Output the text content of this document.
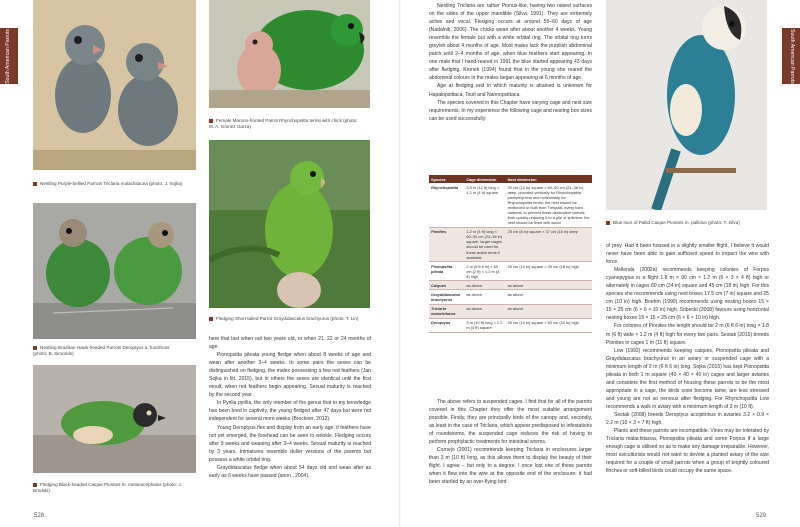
South American Parrots
Nestling Purple-bellied Parrots Triclaria malachitacea (photo: J. Sojka)
Female Maroon-fronted Parrot Rhynchopsitta terrisi with chick (photo: M. A. Gómez Garza)
Nestling Brazilian Hawk-headed Parrots Deroptyus a. fuscifrons (photo: B. Simonds)
Fledging Short-tailed Parrot Graydidascalus brachyurus (photo: T. Lin)
Fledging Black-headed Caique Pionites m. melanocephalus (photo: J. Brodski)

here that last when out two years old, or when 21, 22 or 24 months of age.

Pionopsitta pileata young fledge when about 8 weeks of age and wean after another 3–4 weeks. In some pairs the sexes can be distinguished on fledging, the males possessing a few red feathers (Jan Sojka in litt. 2015), but in others the sexes are identical until the first moult, when red feathers begin appearing. Sexual maturity is reached by the second year.

In Pyrilia pyrilia, the only member of the genus that to my knowledge has been bred in captivity, the young fledged after 47 days but were not independent for several more weeks (Brockner, 2012).

Young Deroptyus flex and display from an early age; if feathers have not yet emerged, the forehead can be seen to wrinkle. Fledging occurs after 9 weeks and weaning after 3–4 weeks. Sexual maturity is reached by 3 years. Immatures resemble duller versions of the parents but possess a white orbital ring.

Graydidascalus fledge when about 54 days old and wean after as early as 6 weeks have passed (anon., 2004).

528
South American Parrots

Nestling Triclaria are rather Pionus-like, having two raised surfaces on the sides of the upper mandible (Silva, 1991). They are extremely active and vocal. Fledging occurs at around 55–60 days of age (Nadalnik, 2006). The chicks wean after about another 4 weeks. Young resemble the female but with a white orbital ring. The orbital ring turns greyish about 4 months of age. Most males lack the purplish abdominal patch until 2–4 months of age, when blue feathers start appearing. In one male that I hand-reared in 1991 the blue started appearing 43 days after fledging. Kronek (1994) found that in the young she reared the abdominal colours in the males began appearing at 6 months of age.

Age at fledging and in which maturity is attained is unknown for Hapalopsittaca, Touit and Nannopsittaca.

The species covered in this Chapter have varying cage and nest size requirements. In my experience the following cage and nesting box sizes can be used successfully:

Species	Cage dimension	Nest dimension
Rhynchopsitta	3.5 m (12 ft) long × 1.2 m (4 ft) square	30 cm (12 in) square × 60–90 cm (24–36 in) deep, provided vertically for Rhynchopsitta pachyrhyncha and horizontally for Rhynchopsitta terrisi; the nest should be reinforced or built from Tréspalit, every hard material, to prevent these destructive parrots from quickly reducing it to a pile of splinters; the nest should be lined with wood
Pionites	1.2 m (4 ft) long × 60–90 cm (24–36 in) square; larger cages should be used for these active birds if available	25 cm (8 in) square × 37 cm (15 in) deep
Pionopsitta pileata	2 m (6 ft 6 in) × 60 cm (2 ft) × 1.2 m (4 ft) high	25 cm (10 in) square × 45 cm (18 in) high
Caiques	as above	as above
Graydidascalus brachyurus	as above	as above
Triclaria malachitacea	as above	as above
Deroptyus	3 m (10 ft) long × 1.2 m (4 ft) square	25 cm (10 in) square × 60 cm (24 in) high

The above refers to suspended cages. I find that for all of the parrots covered in this Chapter they offer the most suitable arrangement possible. Firstly, they are principally birds of the canopy and, secondly, as least in the case of Triclaria, which appear predisposed to infestations of roundworms, the suspended cage reduces the risk of having to perform prophylactic treatments for intestinal worms.

Cornejo (2001) recommends keeping Triclaria in enclosures larger than 3 m (10 ft) long, as this allows them to display the beauty of their flight. I agree – but only to a degree. I once lost one of these parrots when it flew into the wire at the opposite end of the enclosure; it had been startled by an over-flying bird

Blue race of Pallid Caique Pionites m. pallidus (photo: T. Silva)

of prey. Had it been housed in a slightly smaller flight, I believe it would never have been able to gain sufficient speed to impact the wire with force.

Mellenda (2002a) recommends keeping colonies of Forpus cyanopygius in a flight 1.8 m × 90 cm × 1.2 m (6 × 3 × 4 ft) high or alternately in cages 60 cm (24 in) square and 45 cm (18 in) high. For this species she recommends using nest boxes 17.5 cm (7 in) square and 25 cm (10 in) high. Boehm (1990) recommends using nesting boxes 15 × 15 × 25 cm (6 × 6 × 10 in) high. Sobecki (2008) favours using horizontal nesting boxes 15 × 15 × 25 cm (6 × 6 × 10 in) high.

For colonies of Pionites the length should be 2 m (6 ft 6 in) long × 1.8 m (6 ft) wide × 1.2 m (4 ft) high for every two pairs. Sestak (2015) breeds Pionites in cages 1 m (11 ft) square.

Low (1992) recommends keeping caiques, Pionopsitta pileata and Graydidascalus brachyurus in an aviary or suspended cage with a minimum length of 2 m (6 ft 6 in) long. Sojka (2015) has kept Pionopsitta pileata in both 1 m square (40 × 40 × 40 in) cages and larger aviaries and considers the first method of housing these parrots to be the most appropriate in a cage, the birds soon become tame, are less stressed and young are not so nervous after fledging. For Rhynchopsitta Low recommends a walk in aviary with a minimum length of 3 m (10 ft).

Sestak (2008) breeds Deroptyus accipitrinus in aviaries 3.2 × 0.9 × 2.2 m (10 × 3 × 7 ft) high.

Plants and these parrots are incompatible. Vines may be tolerated by Triclaria malachitacea, Pionopsitta pileata and some Forpus if a large enough cage is utilised so as to make any damage irreparable. However, most aviculturists would not want to devote a planted aviary of the size required for a couple of small parrots when a group of brightly coloured finches or soft-billed birds could occupy the same space.

529
